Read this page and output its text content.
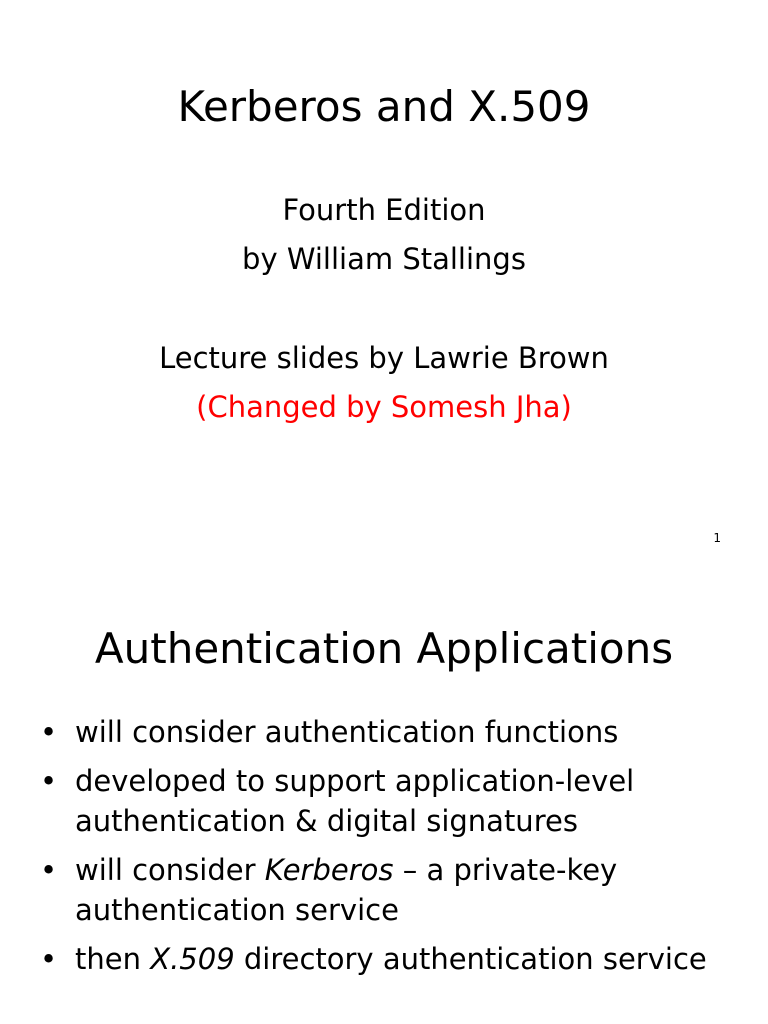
Kerberos and X.509
Fourth Edition
by William Stallings
Lecture slides by Lawrie Brown
(Changed by Somesh Jha)
1
Authentication Applications
• will consider authentication functions
• developed to support application-level authentication & digital signatures
• will consider Kerberos – a private-key authentication service
• then X.509 directory authentication service
